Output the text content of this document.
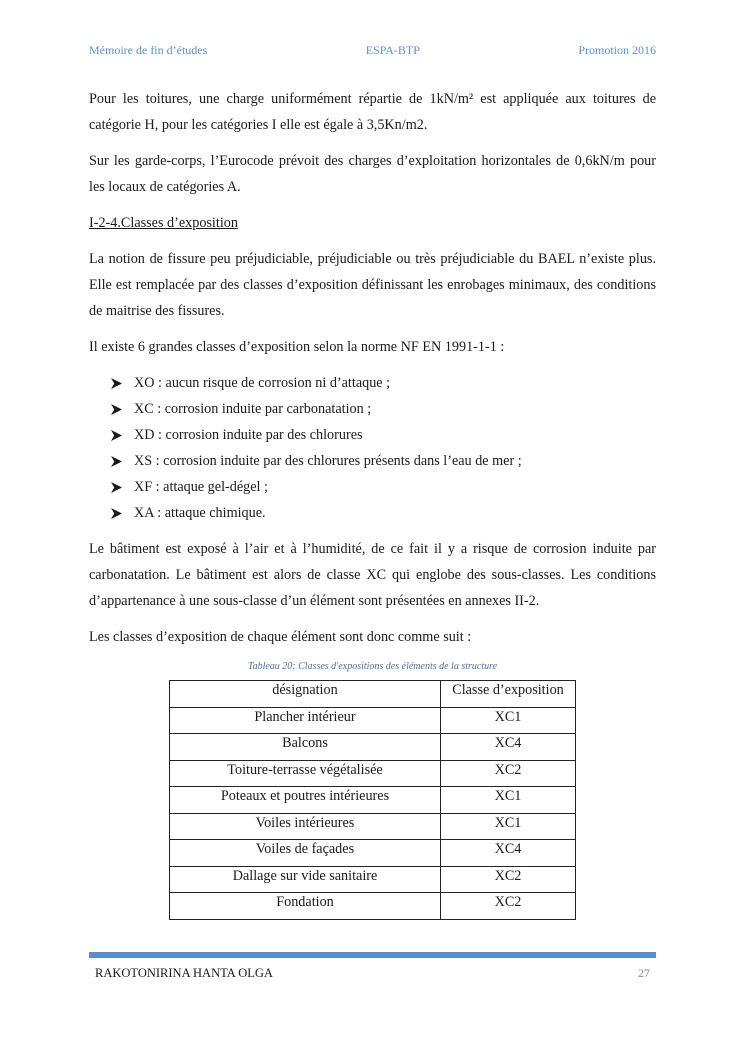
Mémoire de fin d’études	ESPA-BTP	Promotion 2016

Pour les toitures, une charge uniformément répartie de 1kN/m² est appliquée aux toitures de catégorie H, pour les catégories I elle est égale à 3,5Kn/m2.

Sur les garde-corps, l’Eurocode prévoit des charges d’exploitation horizontales de 0,6kN/m pour les locaux de catégories A.

I-2-4.Classes d’exposition

La notion de fissure peu préjudiciable, préjudiciable ou très préjudiciable du BAEL n’existe plus. Elle est remplacée par des classes d’exposition définissant les enrobages minimaux, des conditions de maitrise des fissures.

Il existe 6 grandes classes d’exposition selon la norme NF EN 1991-1-1 :

XO : aucun risque de corrosion ni d’attaque ;
XC : corrosion induite par carbonatation ;
XD : corrosion induite par des chlorures
XS : corrosion induite par des chlorures présents dans l’eau de mer ;
XF : attaque gel-dégel ;
XA : attaque chimique.

Le bâtiment est exposé à l’air et à l’humidité, de ce fait il y a risque de corrosion induite par carbonatation. Le bâtiment est alors de classe XC qui englobe des sous-classes. Les conditions d’appartenance à une sous-classe d’un élément sont présentées en annexes II-2.

Les classes d’exposition de chaque élément sont donc comme suit :

Tableau 20: Classes d'expositions des éléments de la structure
désignation	Classe d’exposition
Plancher intérieur	XC1
Balcons	XC4
Toiture-terrasse végétalisée	XC2
Poteaux et poutres intérieures	XC1
Voiles intérieures	XC1
Voiles de façades	XC4
Dallage sur vide sanitaire	XC2
Fondation	XC2
RAKOTONIRINA HANTA OLGA	27
